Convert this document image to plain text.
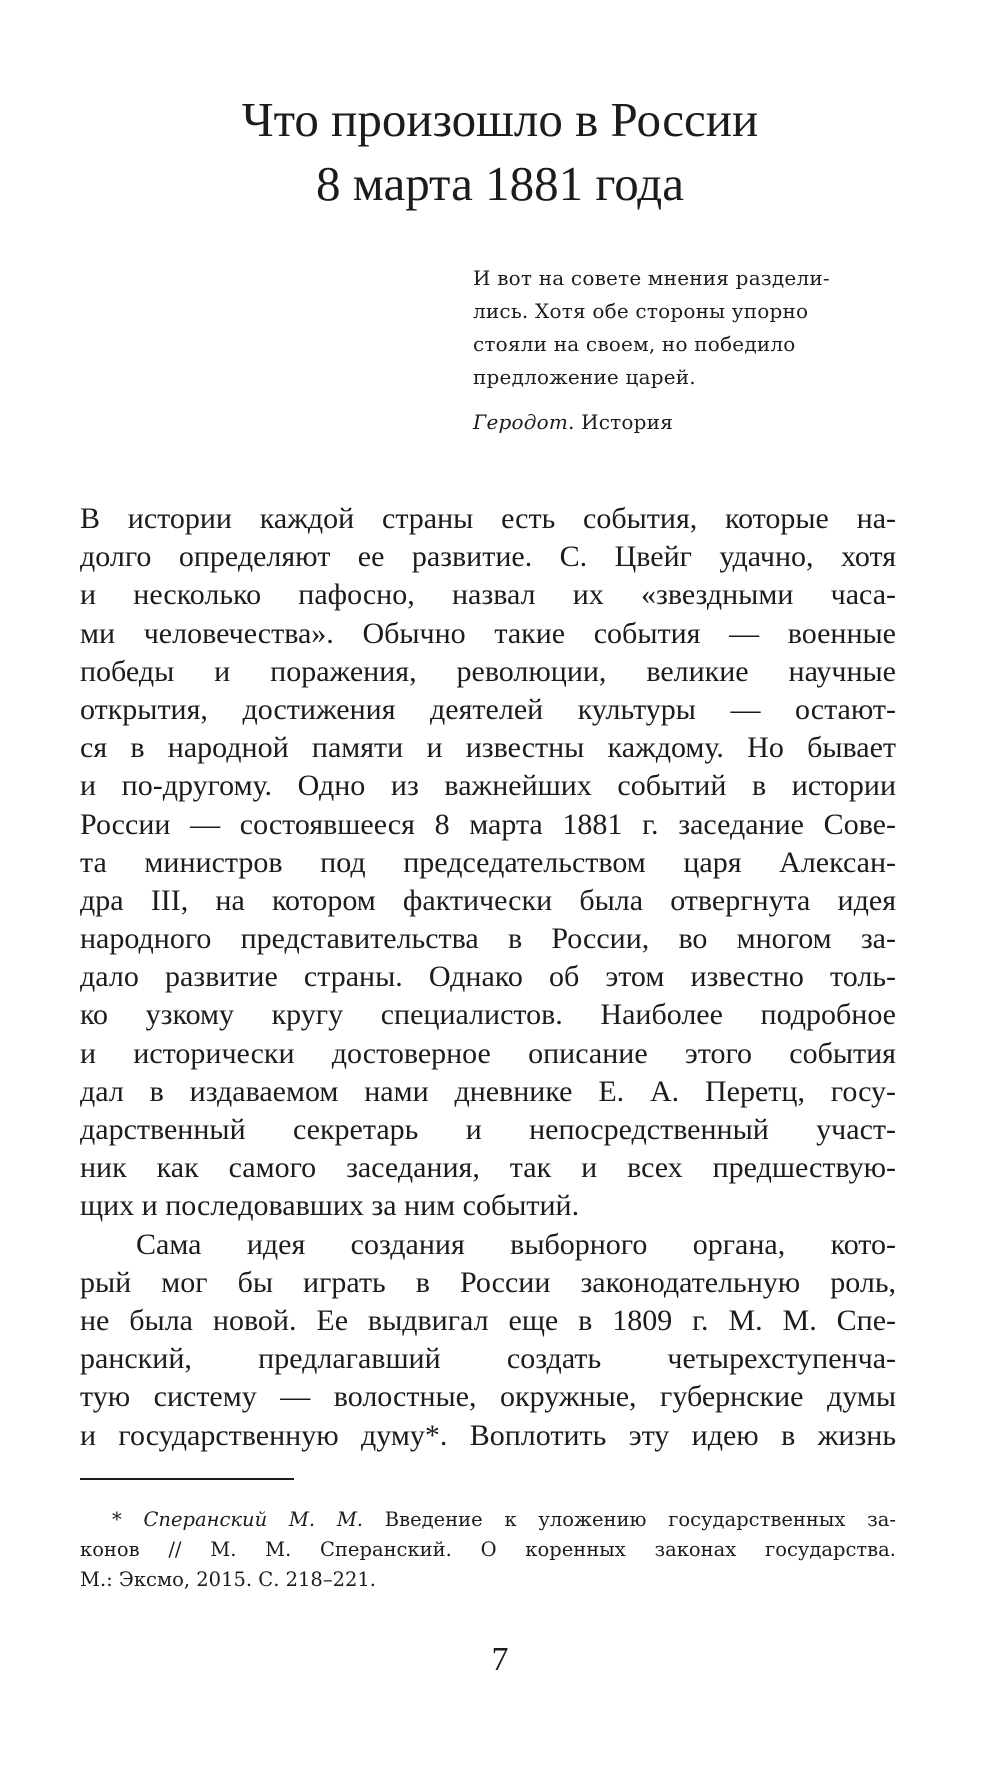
Что произошло в России
8 марта 1881 года
И вот на совете мнения раздели-
лись. Хотя обе стороны упорно
стояли на своем, но победило
предложение царей.
Геродот. История
В истории каждой страны есть события, которые на-
долго определяют ее развитие. С. Цвейг удачно, хотя
и несколько пафосно, назвал их «звездными часа-
ми человечества». Обычно такие события — военные
победы и поражения, революции, великие научные
открытия, достижения деятелей культуры — остают-
ся в народной памяти и известны каждому. Но бывает
и по-другому. Одно из важнейших событий в истории
России — состоявшееся 8 марта 1881 г. заседание Сове-
та министров под председательством царя Алексан-
дра III, на котором фактически была отвергнута идея
народного представительства в России, во многом за-
дало развитие страны. Однако об этом известно толь-
ко узкому кругу специалистов. Наиболее подробное
и исторически достоверное описание этого события
дал в издаваемом нами дневнике Е. А. Перетц, госу-
дарственный секретарь и непосредственный участ-
ник как самого заседания, так и всех предшествую-
щих и последовавших за ним событий.
Сама идея создания выборного органа, кото-
рый мог бы играть в России законодательную роль,
не была новой. Ее выдвигал еще в 1809 г. М. М. Спе-
ранский, предлагавший создать четырехступенча-
тую систему — волостные, окружные, губернские думы
и государственную думу*. Воплотить эту идею в жизнь
* Сперанский М. М. Введение к уложению государственных за-
конов // М. М. Сперанский. О коренных законах государства.
М.: Эксмо, 2015. С. 218–221.
7
